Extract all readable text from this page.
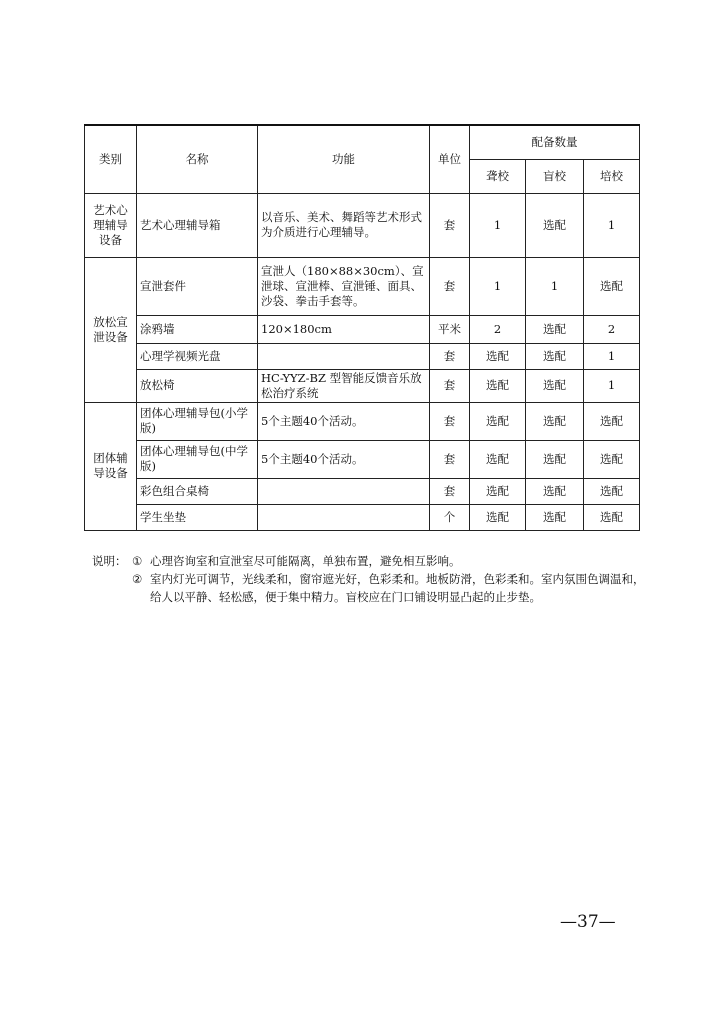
类别	名称	功能	单位	配备数量		
				聋校	盲校	培校
艺术心理辅导设备	艺术心理辅导箱	以音乐、美术、舞蹈等艺术形式为介质进行心理辅导。	套	1	选配	1
放松宣泄设备	宣泄套件	宣泄人（180×88×30cm）、宣泄球、宣泄棒、宣泄锤、面具、沙袋、拳击手套等。	套	1	1	选配
	涂鸦墙	120×180cm	平米	2	选配	2
	心理学视频光盘		套	选配	选配	1
	放松椅	HC-YYZ-BZ 型智能反馈音乐放松治疗系统	套	选配	选配	1
团体辅导设备	团体心理辅导包(小学版)	5个主题40个活动。	套	选配	选配	选配
	团体心理辅导包(中学版)	5个主题40个活动。	套	选配	选配	选配
	彩色组合桌椅		套	选配	选配	选配
	学生坐垫		个	选配	选配	选配
说明： ① 心理咨询室和宣泄室尽可能隔离，单独布置，避免相互影响。
② 室内灯光可调节，光线柔和，窗帘遮光好，色彩柔和。地板防滑，色彩柔和。室内氛围色调温和，给人以平静、轻松感，便于集中精力。盲校应在门口铺设明显凸起的止步垫。
—37—
